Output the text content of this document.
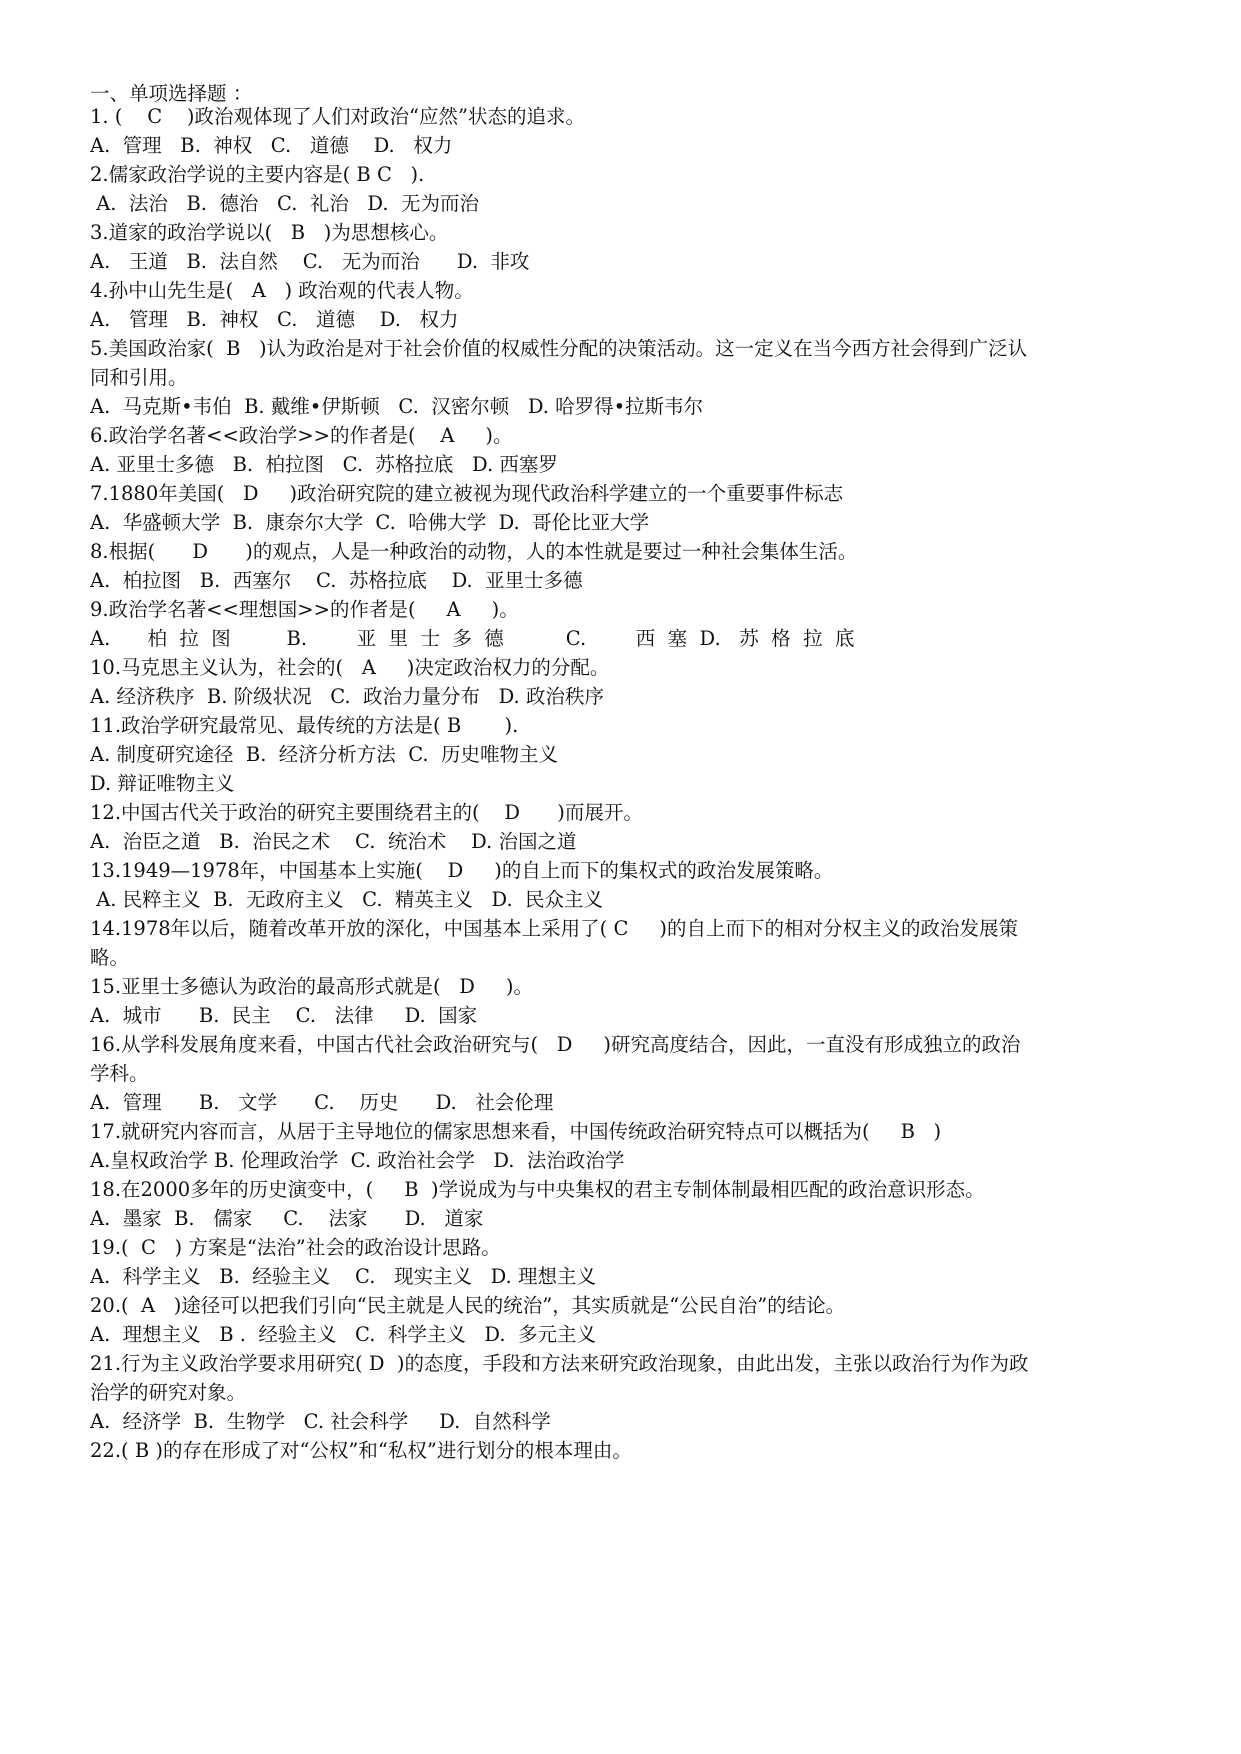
一、单项选择题 ：
1. (    C    )政治观体现了人们对政治“应然”状态的追求。
A.  管理   B.  神权   C.   道德    D.   权力
2.儒家政治学说的主要内容是( B C   ).
A.  法治   B.  德治   C.  礼治   D.  无为而治
3.道家的政治学说以(   B   )为思想核心。
A.   王道   B.  法自然    C.   无为而治      D.  非攻
4.孙中山先生是(   A   ) 政治观的代表人物。
A.   管理   B.  神权   C.   道德    D.   权力
5.美国政治家(  B   )认为政治是对于社会价值的权威性分配的决策活动。这一定义在当今西方社会得到广泛认
同和引用。
A.  马克斯•韦伯  B. 戴维•伊斯顿   C.  汉密尔顿   D. 哈罗得•拉斯韦尔
6.政治学名著<<政治学>>的作者是(    A     )。
A. 亚里士多德   B.  柏拉图   C.  苏格拉底   D. 西塞罗
7.1880年美国(   D     )政治研究院的建立被视为现代政治科学建立的一个重要事件标志
A.  华盛顿大学  B.  康奈尔大学  C.  哈佛大学  D.  哥伦比亚大学
8.根据(      D      )的观点，人是一种政治的动物，人的本性就是要过一种社会集体生活。
A.  柏拉图   B.  西塞尔    C.  苏格拉底    D.  亚里士多德
9.政治学名著<<理想国>>的作者是(     A     )。
A.      柏  拉  图         B.        亚  里  士  多  德          C.        西  塞  D.   苏  格  拉  底
10.马克思主义认为，社会的(   A     )决定政治权力的分配。
A. 经济秩序  B. 阶级状况   C.  政治力量分布   D. 政治秩序
11.政治学研究最常见、最传统的方法是( B       ).
A. 制度研究途径  B.  经济分析方法  C.  历史唯物主义
D. 辩证唯物主义
12.中国古代关于政治的研究主要围绕君主的(    D      )而展开。
A.  治臣之道   B.  治民之术    C.  统治术    D. 治国之道
13.1949—1978年，中国基本上实施(    D     )的自上而下的集权式的政治发展策略。
A. 民粹主义  B.  无政府主义   C.  精英主义   D.  民众主义
14.1978年以后，随着改革开放的深化，中国基本上采用了( C     )的自上而下的相对分权主义的政治发展策
略。
15.亚里士多德认为政治的最高形式就是(   D     )。
A.  城市      B.  民主    C.   法律     D.  国家
16.从学科发展角度来看，中国古代社会政治研究与(   D     )研究高度结合，因此，一直没有形成独立的政治
学科。
A.  管理      B.   文学      C.    历史      D.   社会伦理
17.就研究内容而言，从居于主导地位的儒家思想来看，中国传统政治研究特点可以概括为(     B   )
A.皇权政治学 B. 伦理政治学  C. 政治社会学   D.  法治政治学
18.在2000多年的历史演变中，(     B  )学说成为与中央集权的君主专制体制最相匹配的政治意识形态。
A.  墨家  B.   儒家     C.    法家      D.   道家
19.(  C   ) 方案是“法治”社会的政治设计思路。
A.  科学主义   B.  经验主义    C.   现实主义   D. 理想主义
20.(  A   )途径可以把我们引向“民主就是人民的统治”，其实质就是“公民自治”的结论。
A.  理想主义   B .  经验主义   C.  科学主义   D.  多元主义
21.行为主义政治学要求用研究( D  )的态度，手段和方法来研究政治现象，由此出发，主张以政治行为作为政
治学的研究对象。
A.  经济学  B.  生物学   C. 社会科学     D.  自然科学
22.( B )的存在形成了对“公权”和“私权”进行划分的根本理由。
